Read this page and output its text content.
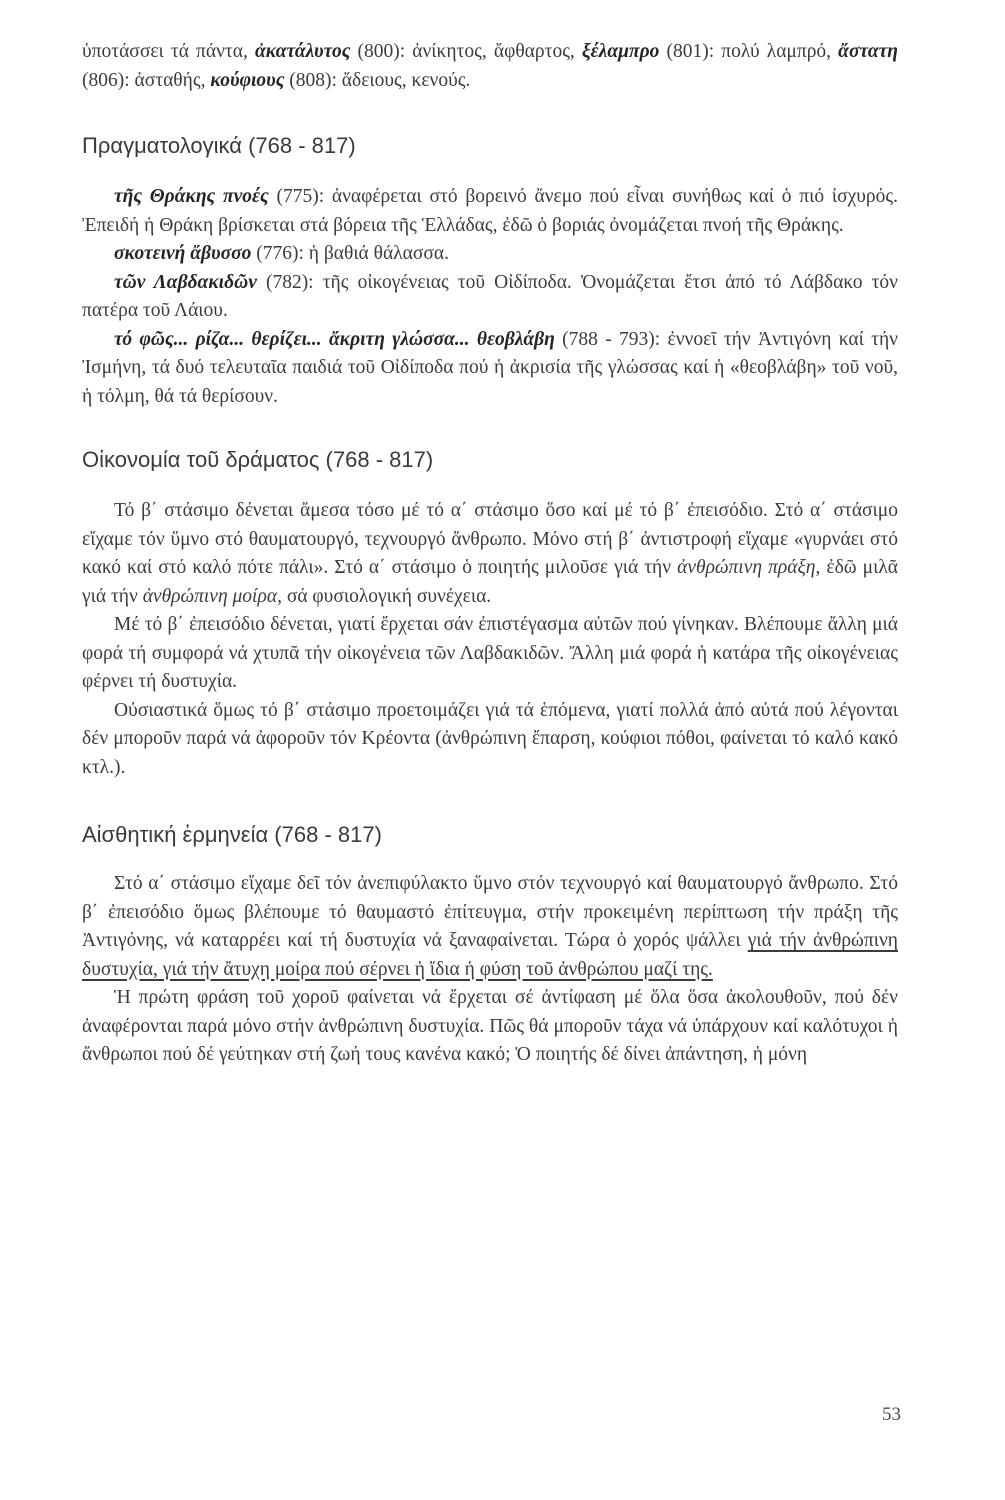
ὑποτάσσει τά πάντα, ἀκατάλυτος (800): ἀνίκητος, ἄφθαρτος, ξέλαμπρο (801): πολύ λαμπρό, ἄστατη (806): ἀσταθής, κούφιους (808): ἄδειους, κενούς.

Πραγματολογικά (768 - 817)

τῆς Θράκης πνοές (775): ἀναφέρεται στό βορεινό ἄνεμο πού εἶναι συνήθως καί ὁ πιό ἰσχυρός. Ἐπειδή ἡ Θράκη βρίσκεται στά βόρεια τῆς Ἑλλάδας, ἐδῶ ὁ βοριάς ὀνομάζεται πνοή τῆς Θράκης.

σκοτεινή ἄβυσσο (776): ἡ βαθιά θάλασσα.

τῶν Λαβδακιδῶν (782): τῆς οἰκογένειας τοῦ Οἰδίποδα. Ὀνομάζεται ἔτσι ἀπό τό Λάβδακο τόν πατέρα τοῦ Λάιου.

τό φῶς... ρίζα... θερίζει... ἄκριτη γλώσσα... θεοβλάβη (788 - 793): ἐννοεῖ τήν Ἀντιγόνη καί τήν Ἰσμήνη, τά δυό τελευταῖα παιδιά τοῦ Οἰδίποδα πού ἡ ἀκρισία τῆς γλώσσας καί ἡ «θεοβλάβη» τοῦ νοῦ, ἡ τόλμη, θά τά θερίσουν.

Οἰκονομία τοῦ δράματος (768 - 817)

Τό β΄ στάσιμο δένεται ἄμεσα τόσο μέ τό α΄ στάσιμο ὅσο καί μέ τό β΄ ἐπεισόδιο. Στό α΄ στάσιμο εἴχαμε τόν ὕμνο στό θαυματουργό, τεχνουργό ἄνθρωπο. Μόνο στή β΄ ἀντιστροφή εἴχαμε «γυρνάει στό κακό καί στό καλό πότε πάλι». Στό α΄ στάσιμο ὁ ποιητής μιλοῦσε γιά τήν ἀνθρώπινη πράξη, ἐδῶ μιλᾶ γιά τήν ἀνθρώπινη μοίρα, σά φυσιολογική συνέχεια.

Μέ τό β΄ ἐπεισόδιο δένεται, γιατί ἔρχεται σάν ἐπιστέγασμα αὐτῶν πού γίνηκαν. Βλέπουμε ἄλλη μιά φορά τή συμφορά νά χτυπᾶ τήν οἰκογένεια τῶν Λαβδακιδῶν. Ἄλλη μιά φορά ἡ κατάρα τῆς οἰκογένειας φέρνει τή δυστυχία.

Οὐσιαστικά ὅμως τό β΄ στάσιμο προετοιμάζει γιά τά ἑπόμενα, γιατί πολλά ἀπό αὐτά πού λέγονται δέν μποροῦν παρά νά ἀφοροῦν τόν Κρέοντα (ἀνθρώπινη ἔπαρση, κούφιοι πόθοι, φαίνεται τό καλό κακό κτλ.).

Αἰσθητική ἑρμηνεία (768 - 817)

Στό α΄ στάσιμο εἴχαμε δεῖ τόν ἀνεπιφύλακτο ὕμνο στόν τεχνουργό καί θαυματουργό ἄνθρωπο. Στό β΄ ἐπεισόδιο ὅμως βλέπουμε τό θαυμαστό ἐπίτευγμα, στήν προκειμένη περίπτωση τήν πράξη τῆς Ἀντιγόνης, νά καταρρέει καί τή δυστυχία νά ξαναφαίνεται. Τώρα ὁ χορός ψάλλει γιά τήν ἀνθρώπινη δυστυχία, γιά τήν ἄτυχη μοίρα πού σέρνει ἡ ἴδια ἡ φύση τοῦ ἀνθρώπου μαζί της.

Ἡ πρώτη φράση τοῦ χοροῦ φαίνεται νά ἔρχεται σέ ἀντίφαση μέ ὅλα ὅσα ἀκολουθοῦν, πού δέν ἀναφέρονται παρά μόνο στήν ἀνθρώπινη δυστυχία. Πῶς θά μποροῦν τάχα νά ὑπάρχουν καί καλότυχοι ἡ ἄνθρωποι πού δέ γεύτηκαν στή ζωή τους κανένα κακό; Ὁ ποιητής δέ δίνει ἀπάντηση, ἡ μόνη

53
